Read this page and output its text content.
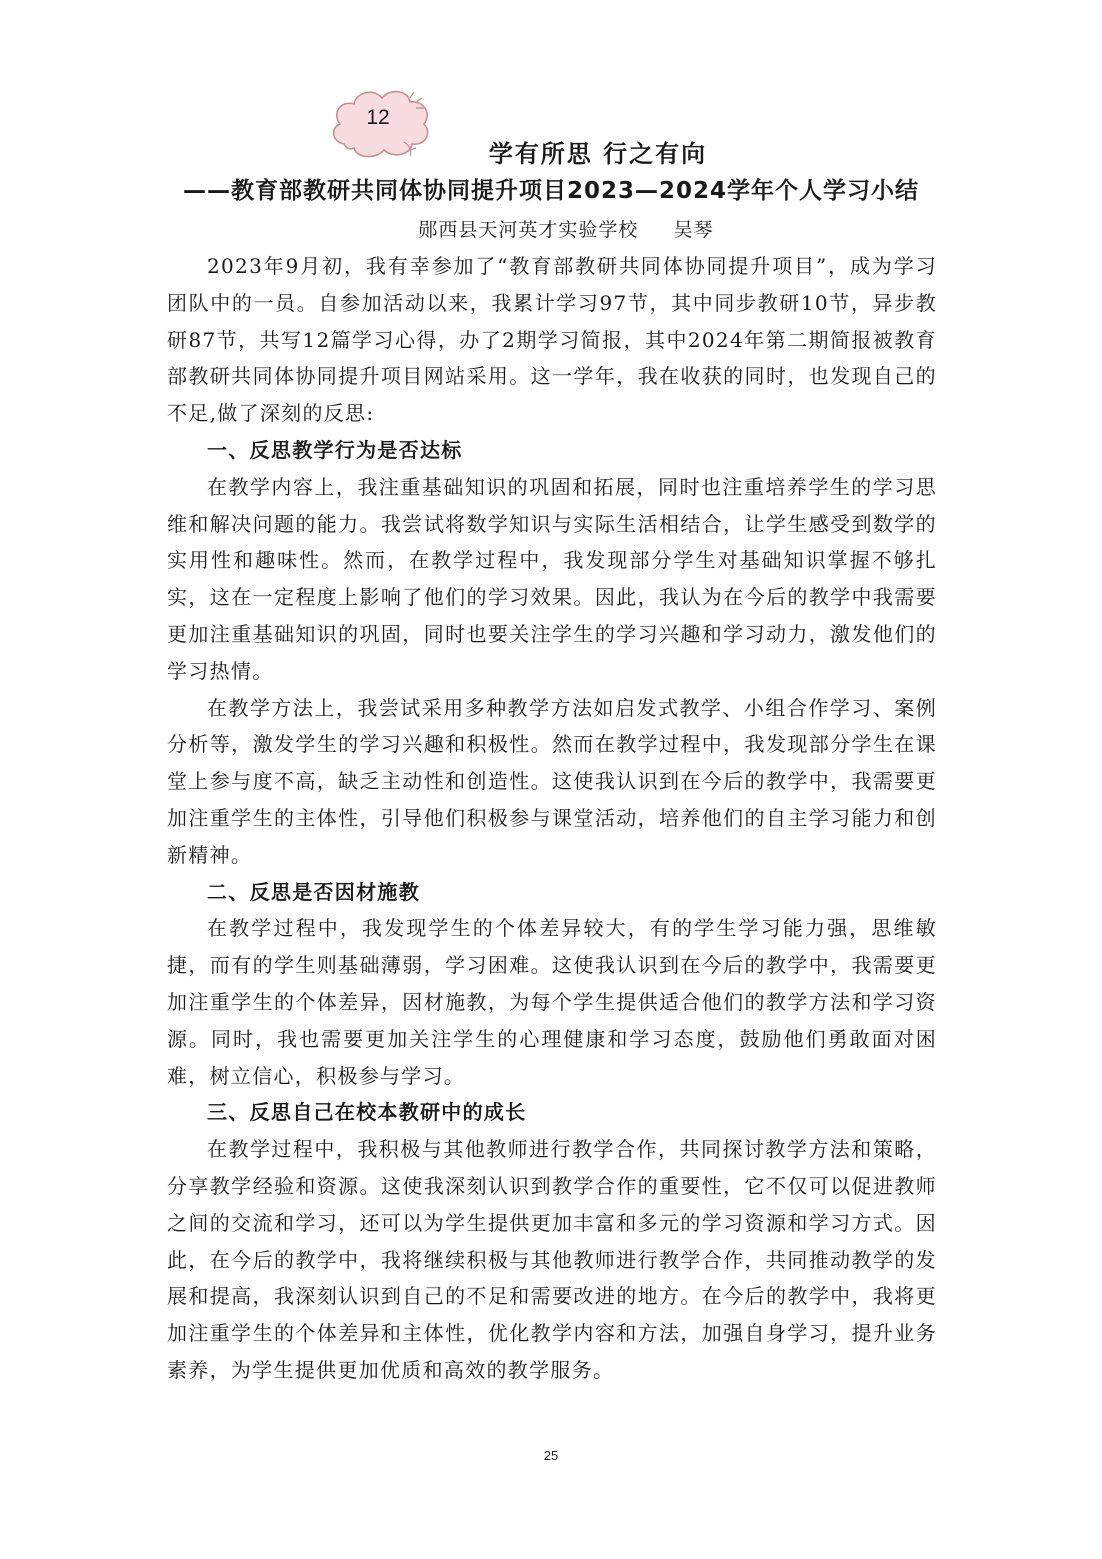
12
学有所思 行之有向
——教育部教研共同体协同提升项目2023—2024学年个人学习小结
郧西县天河英才实验学校     吴琴

2023年9月初，我有幸参加了“教育部教研共同体协同提升项目”，成为学习团队中的一员。自参加活动以来，我累计学习97节，其中同步教研10节，异步教研87节，共写12篇学习心得，办了2期学习简报，其中2024年第二期简报被教育部教研共同体协同提升项目网站采用。这一学年，我在收获的同时，也发现自己的不足,做了深刻的反思:

一、反思教学行为是否达标

在教学内容上，我注重基础知识的巩固和拓展，同时也注重培养学生的学习思维和解决问题的能力。我尝试将数学知识与实际生活相结合，让学生感受到数学的实用性和趣味性。然而，在教学过程中，我发现部分学生对基础知识掌握不够扎实，这在一定程度上影响了他们的学习效果。因此，我认为在今后的教学中我需要更加注重基础知识的巩固，同时也要关注学生的学习兴趣和学习动力，激发他们的学习热情。

在教学方法上，我尝试采用多种教学方法如启发式教学、小组合作学习、案例分析等，激发学生的学习兴趣和积极性。然而在教学过程中，我发现部分学生在课堂上参与度不高，缺乏主动性和创造性。这使我认识到在今后的教学中，我需要更加注重学生的主体性，引导他们积极参与课堂活动，培养他们的自主学习能力和创新精神。

二、反思是否因材施教

在教学过程中，我发现学生的个体差异较大，有的学生学习能力强，思维敏捷，而有的学生则基础薄弱，学习困难。这使我认识到在今后的教学中，我需要更加注重学生的个体差异，因材施教，为每个学生提供适合他们的教学方法和学习资源。同时，我也需要更加关注学生的心理健康和学习态度，鼓励他们勇敢面对困难，树立信心，积极参与学习。

三、反思自己在校本教研中的成长

在教学过程中，我积极与其他教师进行教学合作，共同探讨教学方法和策略，分享教学经验和资源。这使我深刻认识到教学合作的重要性，它不仅可以促进教师之间的交流和学习，还可以为学生提供更加丰富和多元的学习资源和学习方式。因此，在今后的教学中，我将继续积极与其他教师进行教学合作，共同推动教学的发展和提高，我深刻认识到自己的不足和需要改进的地方。在今后的教学中，我将更加注重学生的个体差异和主体性，优化教学内容和方法，加强自身学习，提升业务素养，为学生提供更加优质和高效的教学服务。

25
